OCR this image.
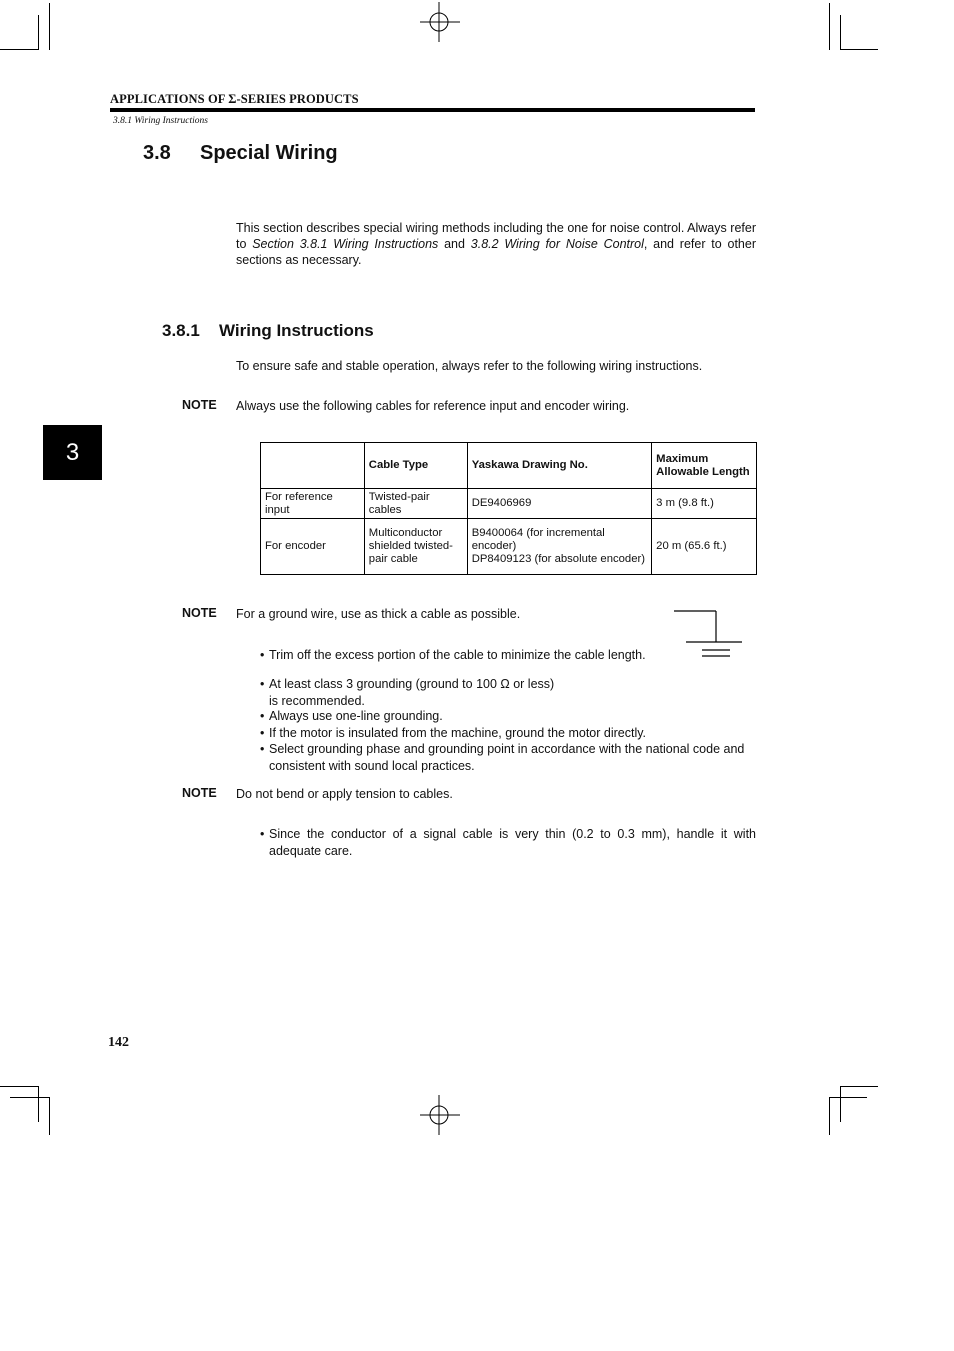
APPLICATIONS OF Σ-SERIES PRODUCTS
3.8.1 Wiring Instructions
3.8 Special Wiring
This section describes special wiring methods including the one for noise control. Always refer to Section 3.8.1 Wiring Instructions and 3.8.2 Wiring for Noise Control, and refer to other sections as necessary.
3.8.1 Wiring Instructions
To ensure safe and stable operation, always refer to the following wiring instructions.
NOTE Always use the following cables for reference input and encoder wiring.
	Cable Type	Yaskawa Drawing No.	Maximum Allowable Length
For reference input	Twisted-pair cables	DE9406969	3 m (9.8 ft.)
For encoder	Multiconductor shielded twisted-pair cable	B9400064 (for incremental encoder)
DP8409123 (for absolute encoder)	20 m (65.6 ft.)
NOTE For a ground wire, use as thick a cable as possible.
• Trim off the excess portion of the cable to minimize the cable length.
• At least class 3 grounding (ground to 100 Ω or less) is recommended.
• Always use one-line grounding.
• If the motor is insulated from the machine, ground the motor directly.
• Select grounding phase and grounding point in accordance with the national code and consistent with sound local practices.
NOTE Do not bend or apply tension to cables.
• Since the conductor of a signal cable is very thin (0.2 to 0.3 mm), handle it with adequate care.
3
142
